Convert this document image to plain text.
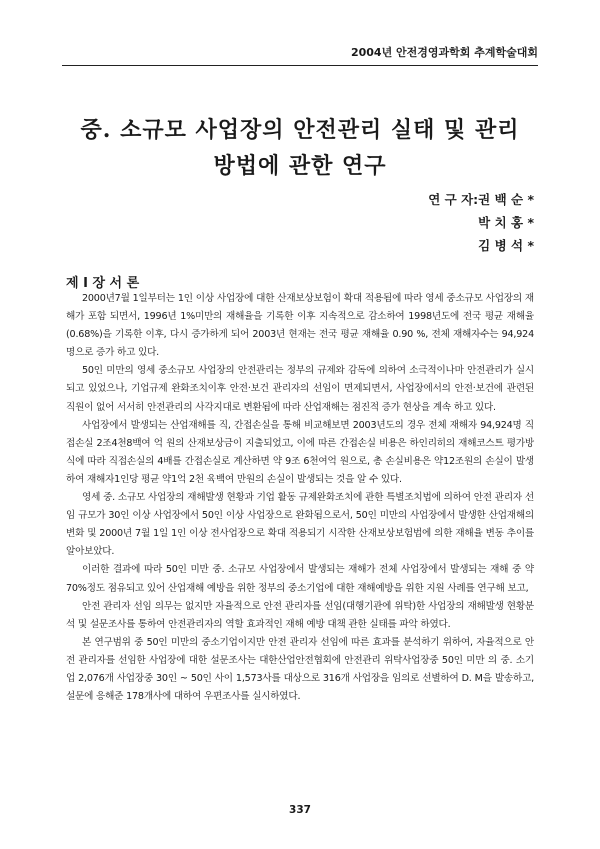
2004년 안전경영과학회 추계학술대회
중. 소규모 사업장의 안전관리 실태 및 관리
방법에 관한 연구
연 구 자:권 백 순 *
박 치 홍 *
김 병 석 *
제 I 장 서 론

2000년7월 1일부터는 1인 이상 사업장에 대한 산재보상보험이 확대 적용됨에 따라 영세 중소규모 사업장의 재해가 포함 되면서, 1996년 1%미만의 재해율을 기록한 이후 지속적으로 감소하여 1998년도에 전국 평균 재해율(0.68%)을 기록한 이후, 다시 증가하게 되어 2003년 현재는 전국 평균 재해율 0.90 %, 전체 재해자수는 94,924명으로 증가 하고 있다.

50인 미만의 영세 중소규모 사업장의 안전관리는 정부의 규제와 감독에 의하여 소극적이나마 안전관리가 실시되고 있었으나, 기업규제 완화조치이후 안전·보건 관리자의 선임이 면제되면서, 사업장에서의 안전·보건에 관련된 직원이 없어 서서히 안전관리의 사각지대로 변환됨에 따라 산업재해는 점진적 증가 현상을 계속 하고 있다.

사업장에서 발생되는 산업재해를 직, 간접손실을 통해 비교해보면 2003년도의 경우 전체 재해자 94,924명 직접손실 2조4천8백여 억 원의 산재보상금이 지출되었고, 이에 따른 간접손실 비용은 하인리히의 재해코스트 평가방식에 따라 직접손실의 4배를 간접손실로 계산하면 약 9조 6천여억 원으로, 총 손실비용은 약12조원의 손실이 발생하여 재해자1인당 평균 약1억 2천 육백여 만원의 손실이 발생되는 것을 알 수 있다.

영세 중. 소규모 사업장의 재해발생 현황과 기업 활동 규제완화조치에 관한 특별조치법에 의하여 안전 관리자 선임 규모가 30인 이상 사업장에서 50인 이상 사업장으로 완화됨으로서, 50인 미만의 사업장에서 발생한 산업재해의 변화 및 2000년 7월 1일 1인 이상 전사업장으로 확대 적용되기 시작한 산재보상보험법에 의한 재해율 변동 추이를 알아보았다.

이러한 결과에 따라 50인 미만 중. 소규모 사업장에서 발생되는 재해가 전체 사업장에서 발생되는 재해 중 약 70%정도 점유되고 있어 산업재해 예방을 위한 정부의 중소기업에 대한 재해예방을 위한 지원 사례를 연구해 보고,

안전 관리자 선임 의무는 없지만 자율적으로 안전 관리자를 선임(대행기관에 위탁)한 사업장의 재해발생 현황분석 및 설문조사를 통하여 안전관리자의 역할 효과적인 재해 예방 대책 관한 실태를 파악 하였다.

본 연구범위 중 50인 미만의 중소기업이지만 안전 관리자 선임에 따른 효과를 분석하기 위하여, 자율적으로 안전 관리자를 선임한 사업장에 대한 설문조사는 대한산업안전협회에 안전관리 위탁사업장중 50인 미만 의 중. 소기업 2,076개 사업장중 30인 ~ 50인 사이 1,573사를 대상으로 316개 사업장을 임의로 선별하여 D. M을 발송하고, 설문에 응해준 178개사에 대하여 우편조사를 실시하였다.

337
